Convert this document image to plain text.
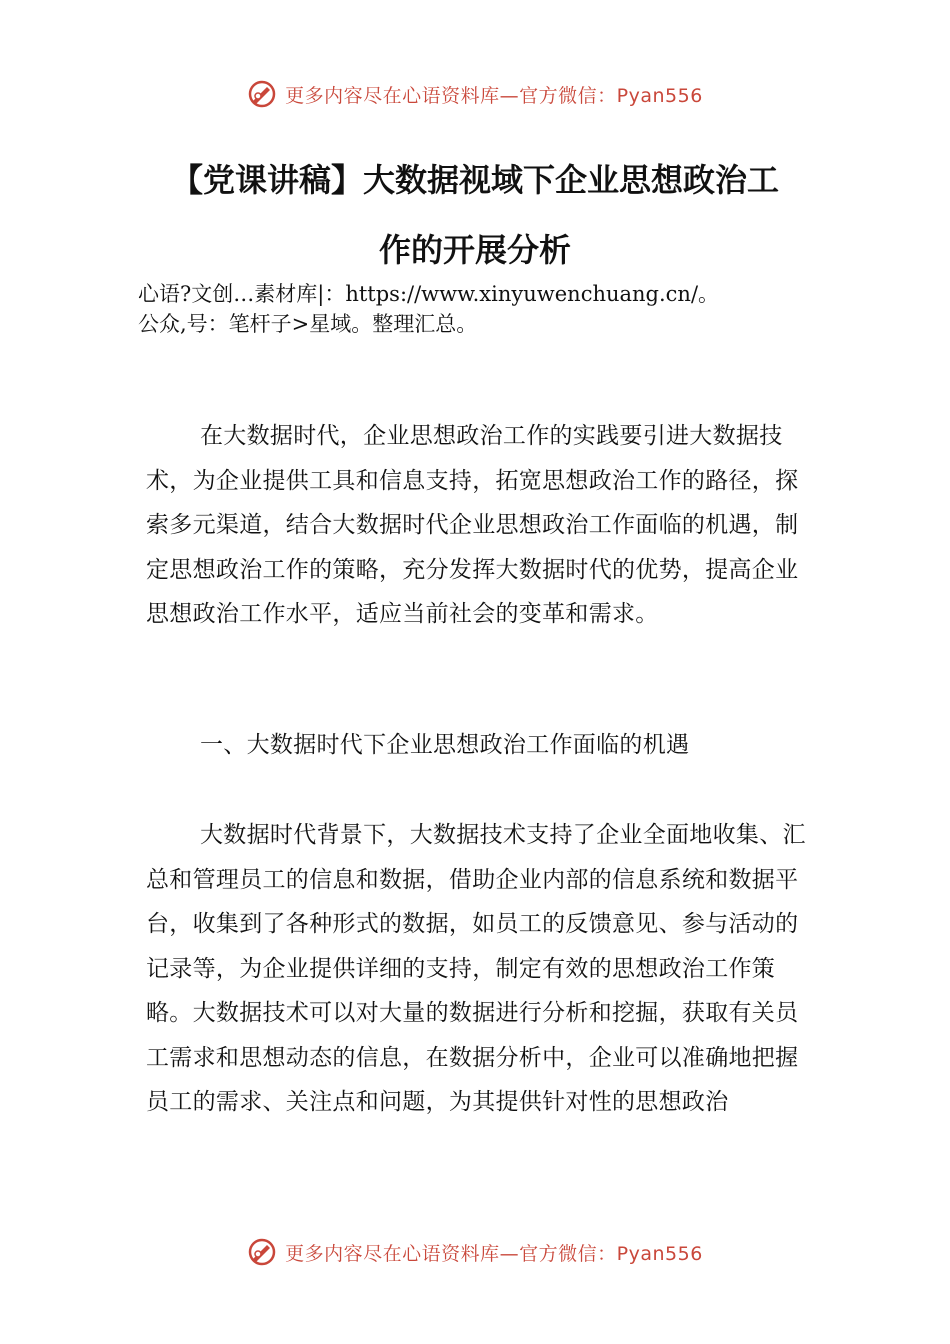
更多内容尽在心语资料库—官方微信：Pyan556
【党课讲稿】大数据视域下企业思想政治工
作的开展分析
心语?文创…素材库|：https://www.xinyuwenchuang.cn/。
公众,号：笔杆子>星域。整理汇总。

在大数据时代，企业思想政治工作的实践要引进大数据技术，为企业提供工具和信息支持，拓宽思想政治工作的路径，探索多元渠道，结合大数据时代企业思想政治工作面临的机遇，制定思想政治工作的策略，充分发挥大数据时代的优势，提高企业思想政治工作水平，适应当前社会的变革和需求。

一、大数据时代下企业思想政治工作面临的机遇

大数据时代背景下，大数据技术支持了企业全面地收集、汇总和管理员工的信息和数据，借助企业内部的信息系统和数据平台，收集到了各种形式的数据，如员工的反馈意见、参与活动的记录等，为企业提供详细的支持，制定有效的思想政治工作策略。大数据技术可以对大量的数据进行分析和挖掘，获取有关员工需求和思想动态的信息，在数据分析中，企业可以准确地把握员工的需求、关注点和问题，为其提供针对性的思想政治

更多内容尽在心语资料库—官方微信：Pyan556
